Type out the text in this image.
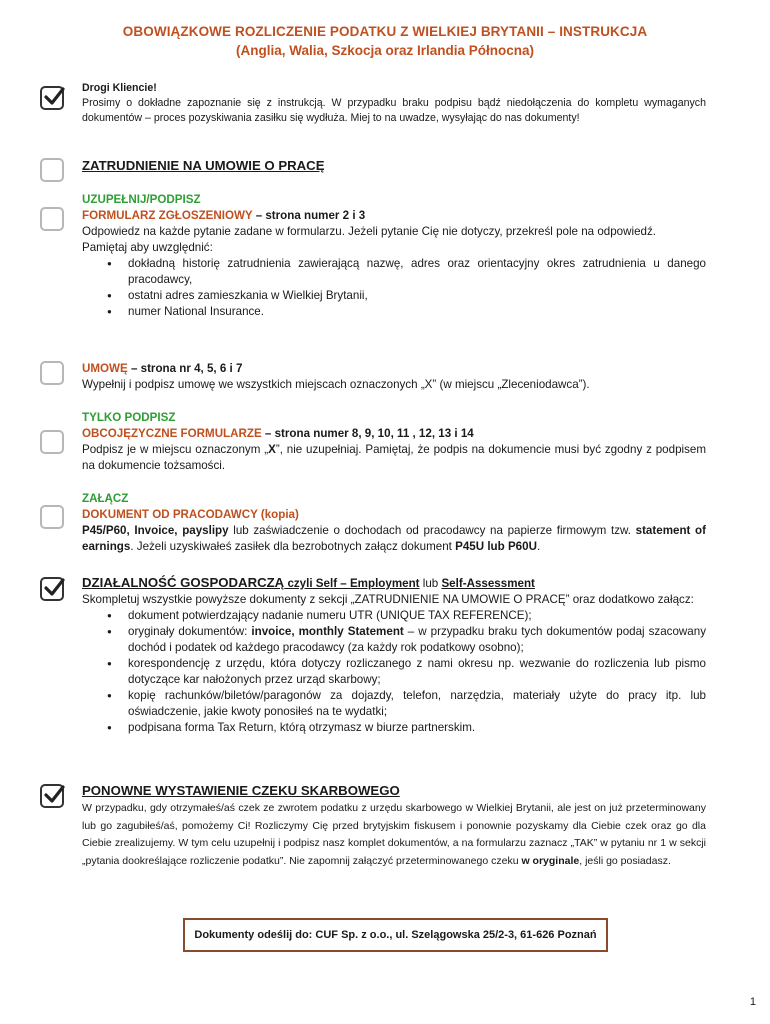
OBOWIĄZKOWE ROZLICZENIE PODATKU Z WIELKIEJ BRYTANII – INSTRUKCJA
(Anglia, Walia, Szkocja oraz Irlandia Północna)
Drogi Kliencie!

Prosimy o dokładne zapoznanie się z instrukcją. W przypadku braku podpisu bądź niedołączenia do kompletu wymaganych dokumentów – proces pozyskiwania zasiłku się wydłuża. Miej to na uwadze, wysyłając do nas dokumenty!

ZATRUDNIENIE NA UMOWIE O PRACĘ
UZUPEŁNIJ/PODPISZ
FORMULARZ ZGŁOSZENIOWY – strona numer 2 i 3

Odpowiedz na każde pytanie zadane w formularzu. Jeżeli pytanie Cię nie dotyczy, przekreśl pole na odpowiedź.

Pamiętaj aby uwzględnić:
● dokładną historię zatrudnienia zawierającą nazwę, adres oraz orientacyjny okres zatrudnienia u danego pracodawcy,
● ostatni adres zamieszkania w Wielkiej Brytanii,
● numer National Insurance.
UMOWĘ – strona nr 4, 5, 6 i 7
Wypełnij i podpisz umowę we wszystkich miejscach oznaczonych „X” (w miejscu „Zleceniodawca”).
TYLKO PODPISZ
OBCOJĘZYCZNE FORMULARZE – strona numer 8, 9, 10, 11 , 12, 13 i 14

Podpisz je w miejscu oznaczonym „X”, nie uzupełniaj. Pamiętaj, że podpis na dokumencie musi być zgodny z podpisem na dokumencie tożsamości.

ZAŁĄCZ
DOKUMENT OD PRACODAWCY (kopia)

P45/P60, Invoice, payslipy lub zaświadczenie o dochodach od pracodawcy na papierze firmowym tzw. statement of earnings. Jeżeli uzyskiwałeś zasiłek dla bezrobotnych załącz dokument P45U lub P60U.

DZIAŁALNOŚĆ GOSPODARCZĄ czyli Self – Employment lub Self-Assessment

Skompletuj wszystkie powyższe dokumenty z sekcji „ZATRUDNIENIE NA UMOWIE O PRACĘ” oraz dodatkowo załącz:

● dokument potwierdzający nadanie numeru UTR (UNIQUE TAX REFERENCE);
● oryginały dokumentów: invoice, monthly Statement – w przypadku braku tych dokumentów podaj szacowany dochód i podatek od każdego pracodawcy (za każdy rok podatkowy osobno);
● korespondencję z urzędu, która dotyczy rozliczanego z nami okresu np. wezwanie do rozliczenia lub pismo dotyczące kar nałożonych przez urząd skarbowy;
● kopię rachunków/biletów/paragonów za dojazdy, telefon, narzędzia, materiały użyte do pracy itp. lub oświadczenie, jakie kwoty ponosiłeś na te wydatki;
● podpisana forma Tax Return, którą otrzymasz w biurze partnerskim.
PONOWNE WYSTAWIENIE CZEKU SKARBOWEGO

W przypadku, gdy otrzymałeś/aś czek ze zwrotem podatku z urzędu skarbowego w Wielkiej Brytanii, ale jest on już przeterminowany lub go zagubiłeś/aś, pomożemy Ci! Rozliczymy Cię przed brytyjskim fiskusem i ponownie pozyskamy dla Ciebie czek oraz go dla Ciebie zrealizujemy. W tym celu uzupełnij i podpisz nasz komplet dokumentów, a na formularzu zaznacz „TAK” w pytaniu nr 1 w sekcji „pytania dookreślające rozliczenie podatku”. Nie zapomnij załączyć przeterminowanego czeku w oryginale, jeśli go posiadasz.

Dokumenty odeślij do: CUF Sp. z o.o., ul. Szelągowska 25/2-3, 61-626 Poznań
1
